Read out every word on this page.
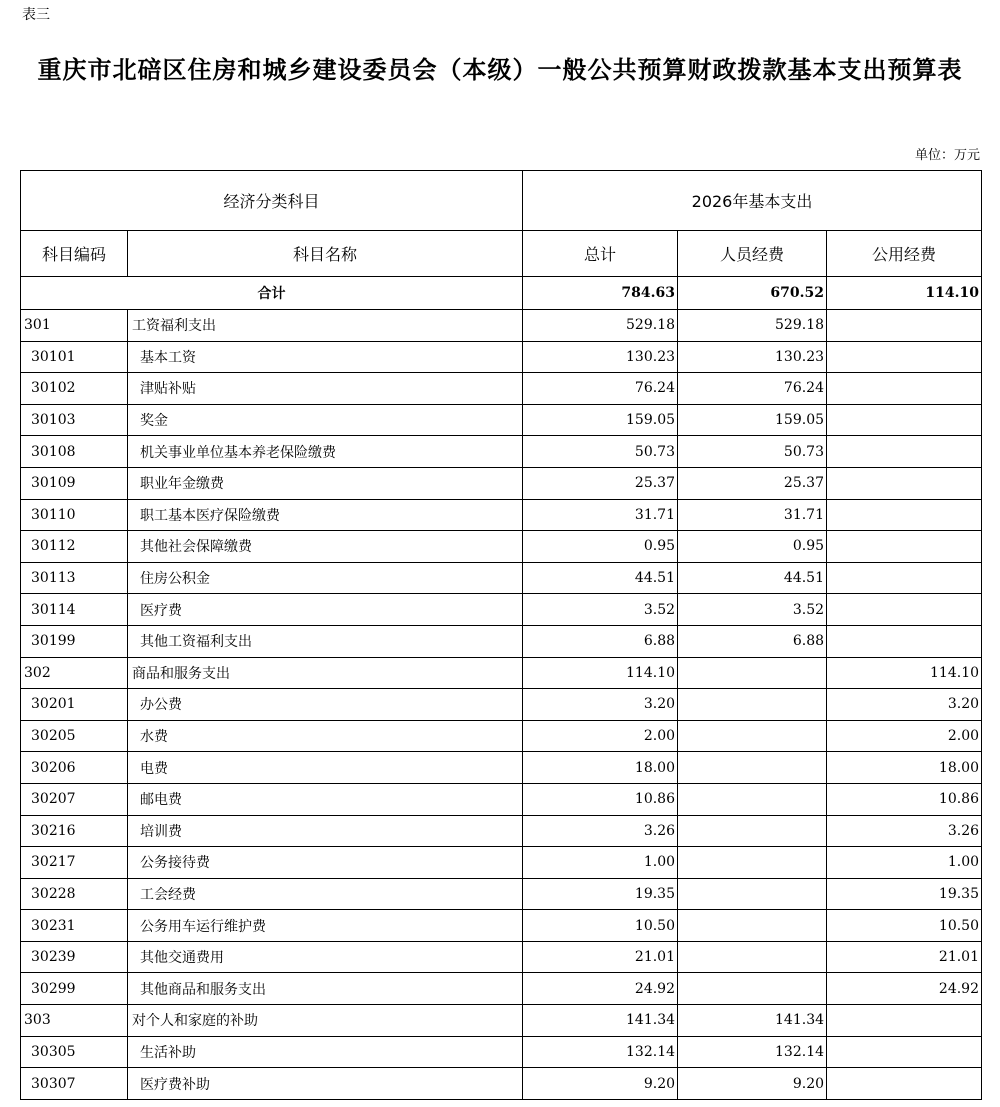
表三
重庆市北碚区住房和城乡建设委员会（本级）一般公共预算财政拨款基本支出预算表
单位：万元
经济分类科目		2026年基本支出		
科目编码	科目名称	总计	人员经费	公用经费
合计		784.63	670.52	114.10
301	工资福利支出	529.18	529.18	
30101	基本工资	130.23	130.23	
30102	津贴补贴	76.24	76.24	
30103	奖金	159.05	159.05	
30108	机关事业单位基本养老保险缴费	50.73	50.73	
30109	职业年金缴费	25.37	25.37	
30110	职工基本医疗保险缴费	31.71	31.71	
30112	其他社会保障缴费	0.95	0.95	
30113	住房公积金	44.51	44.51	
30114	医疗费	3.52	3.52	
30199	其他工资福利支出	6.88	6.88	
302	商品和服务支出	114.10		114.10
30201	办公费	3.20		3.20
30205	水费	2.00		2.00
30206	电费	18.00		18.00
30207	邮电费	10.86		10.86
30216	培训费	3.26		3.26
30217	公务接待费	1.00		1.00
30228	工会经费	19.35		19.35
30231	公务用车运行维护费	10.50		10.50
30239	其他交通费用	21.01		21.01
30299	其他商品和服务支出	24.92		24.92
303	对个人和家庭的补助	141.34	141.34	
30305	生活补助	132.14	132.14	
30307	医疗费补助	9.20	9.20	
